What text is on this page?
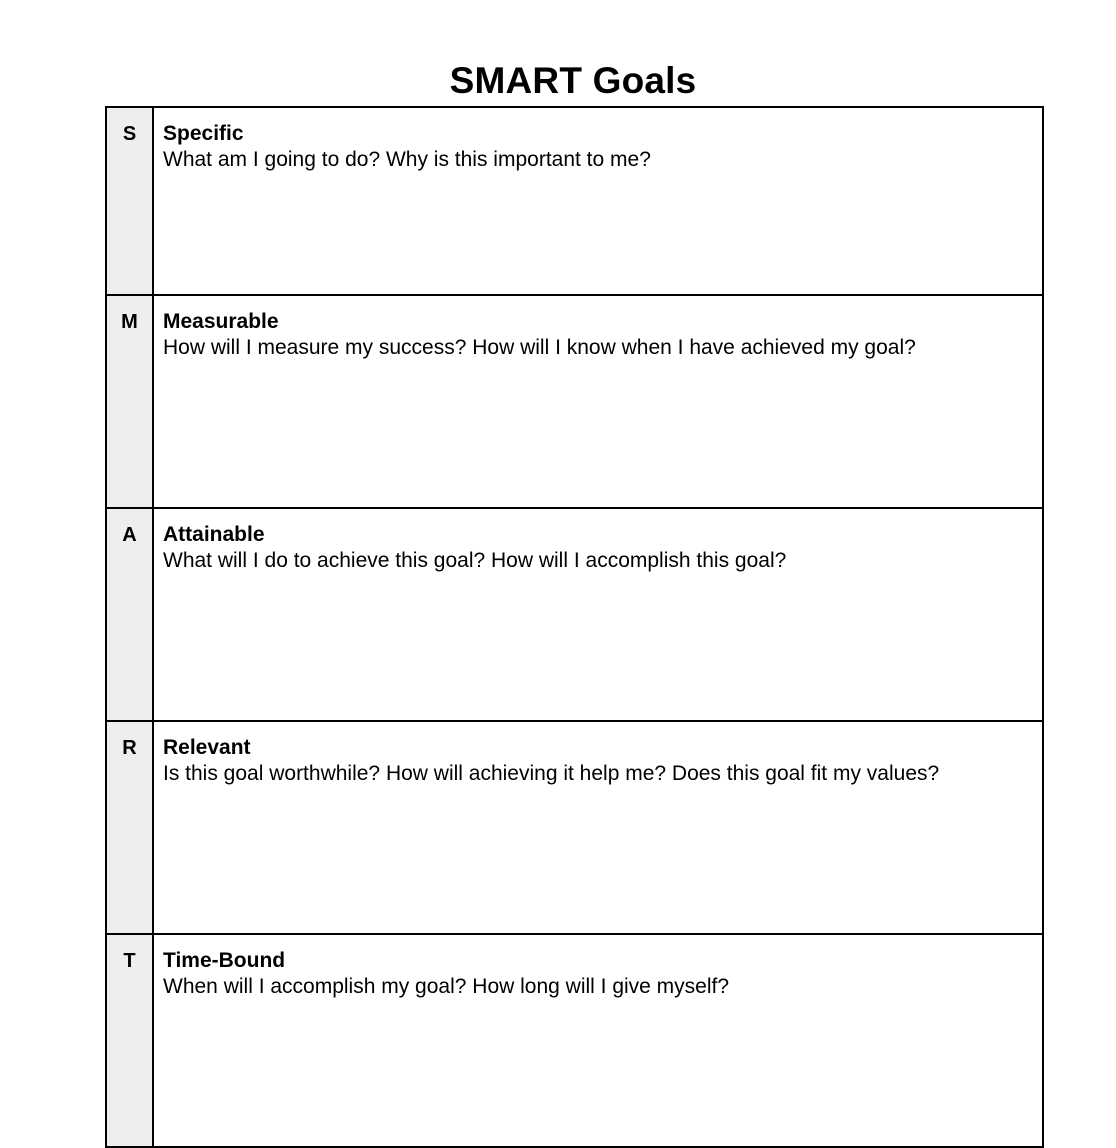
SMART Goals
S	Specific
What am I going to do? Why is this important to me?

M	Measurable
How will I measure my success? How will I know when I have achieved my goal?

A	Attainable
What will I do to achieve this goal? How will I accomplish this goal?

R	Relevant
Is this goal worthwhile? How will achieving it help me? Does this goal fit my values?

T	Time-Bound
When will I accomplish my goal? How long will I give myself?
